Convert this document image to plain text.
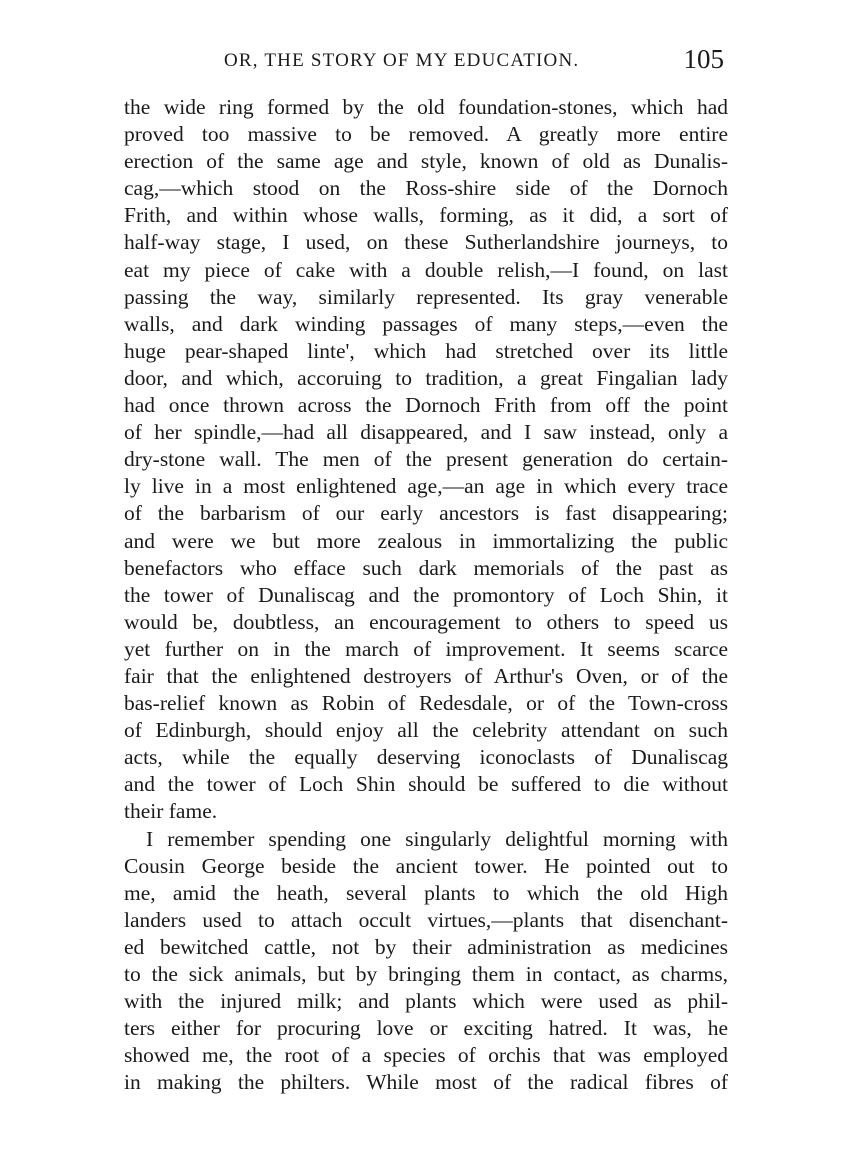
OR, THE STORY OF MY EDUCATION.	105
the wide ring formed by the old foundation-stones, which had
proved too massive to be removed. A greatly more entire
erection of the same age and style, known of old as Dunalis-
cag,—which stood on the Ross-shire side of the Dornoch
Frith, and within whose walls, forming, as it did, a sort of
half-way stage, I used, on these Sutherlandshire journeys, to
eat my piece of cake with a double relish,—I found, on last
passing the way, similarly represented. Its gray venerable
walls, and dark winding passages of many steps,—even the
huge pear-shaped linte', which had stretched over its little
door, and which, accoruing to tradition, a great Fingalian lady
had once thrown across the Dornoch Frith from off the point
of her spindle,—had all disappeared, and I saw instead, only a
dry-stone wall. The men of the present generation do certain-
ly live in a most enlightened age,—an age in which every trace
of the barbarism of our early ancestors is fast disappearing;
and were we but more zealous in immortalizing the public
benefactors who efface such dark memorials of the past as
the tower of Dunaliscag and the promontory of Loch Shin, it
would be, doubtless, an encouragement to others to speed us
yet further on in the march of improvement. It seems scarce
fair that the enlightened destroyers of Arthur's Oven, or of the
bas-relief known as Robin of Redesdale, or of the Town-cross
of Edinburgh, should enjoy all the celebrity attendant on such
acts, while the equally deserving iconoclasts of Dunaliscag
and the tower of Loch Shin should be suffered to die without
their fame.
I remember spending one singularly delightful morning with
Cousin George beside the ancient tower. He pointed out to
me, amid the heath, several plants to which the old High
landers used to attach occult virtues,—plants that disenchant-
ed bewitched cattle, not by their administration as medicines
to the sick animals, but by bringing them in contact, as charms,
with the injured milk; and plants which were used as phil-
ters either for procuring love or exciting hatred. It was, he
showed me, the root of a species of orchis that was employed
in making the philters. While most of the radical fibres of
